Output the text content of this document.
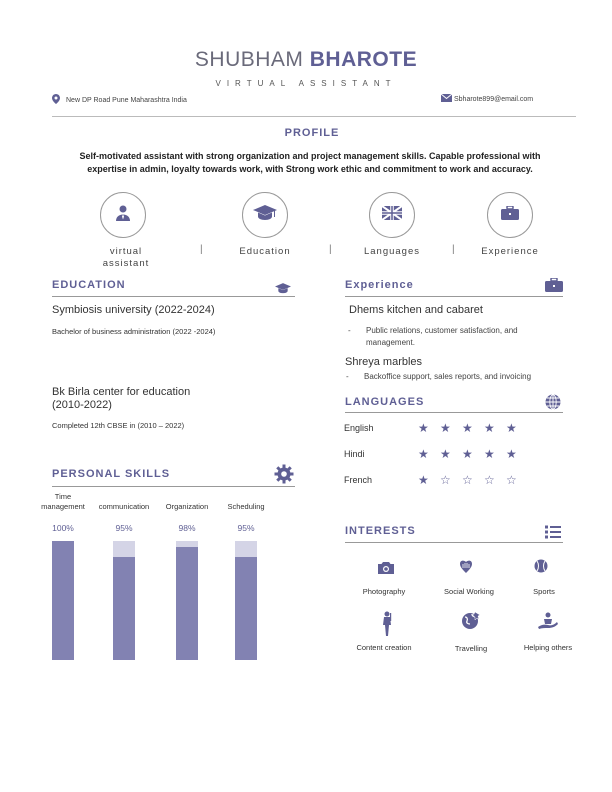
SHUBHAM BHAROTE
VIRTUAL ASSISTANT
New DP Road Pune Maharashtra India	Sbharote899@email.com
PROFILE
Self-motivated assistant with strong organization and project management skills. Capable professional with expertise in admin, loyalty towards work, with Strong work ethic and commitment to work and accuracy.
virtual
assistant
|	Education	|	Languages	|	Experience
EDUCATION
Symbiosis university (2022-2024)
Bachelor of business administration (2022 -2024)
Bk Birla center for education
(2010-2022)
Completed 12th CBSE in (2010 – 2022)
PERSONAL SKILLS
Time
management
100%
communication
95%
Organization
98%
Scheduling
95%
Experience
Dhems kitchen and cabaret
- Public relations, customer satisfaction, and
management.
Shreya marbles
- Backoffice support, sales reports, and invoicing
LANGUAGES
English	★ ★ ★ ★ ★
Hindi	★ ★ ★ ★ ★
French	★ ☆ ☆ ☆ ☆
INTERESTS
Photography	Social Working	Sports
Content creation	Travelling	Helping others
